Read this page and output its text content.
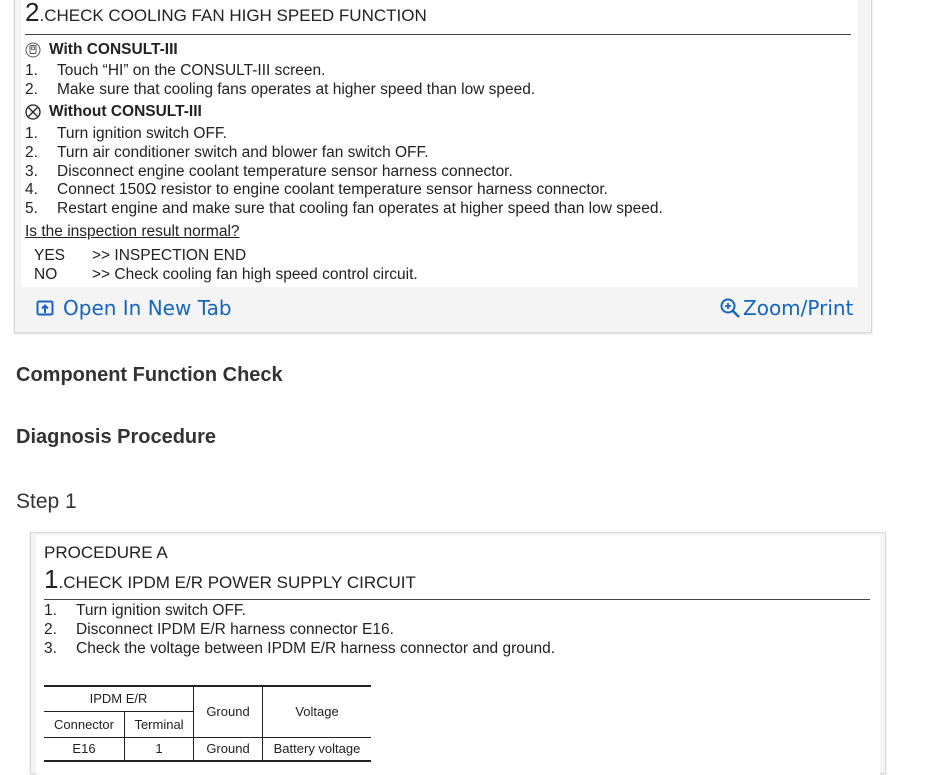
2.CHECK COOLING FAN HIGH SPEED FUNCTION
With CONSULT-III
1. Touch “HI” on the CONSULT-III screen.
2. Make sure that cooling fans operates at higher speed than low speed.
Without CONSULT-III
1. Turn ignition switch OFF.
2. Turn air conditioner switch and blower fan switch OFF.
3. Disconnect engine coolant temperature sensor harness connector.
4. Connect 150Ω resistor to engine coolant temperature sensor harness connector.
5. Restart engine and make sure that cooling fan operates at higher speed than low speed.
Is the inspection result normal?
YES >> INSPECTION END
NO >> Check cooling fan high speed control circuit.
Open In New Tab	Zoom/Print
Component Function Check
Diagnosis Procedure
Step 1
PROCEDURE A
1.CHECK IPDM E/R POWER SUPPLY CIRCUIT
1. Turn ignition switch OFF.
2. Disconnect IPDM E/R harness connector E16.
3. Check the voltage between IPDM E/R harness connector and ground.
IPDM E/R		Ground	Voltage
Connector	Terminal		
E16	1	Ground	Battery voltage
